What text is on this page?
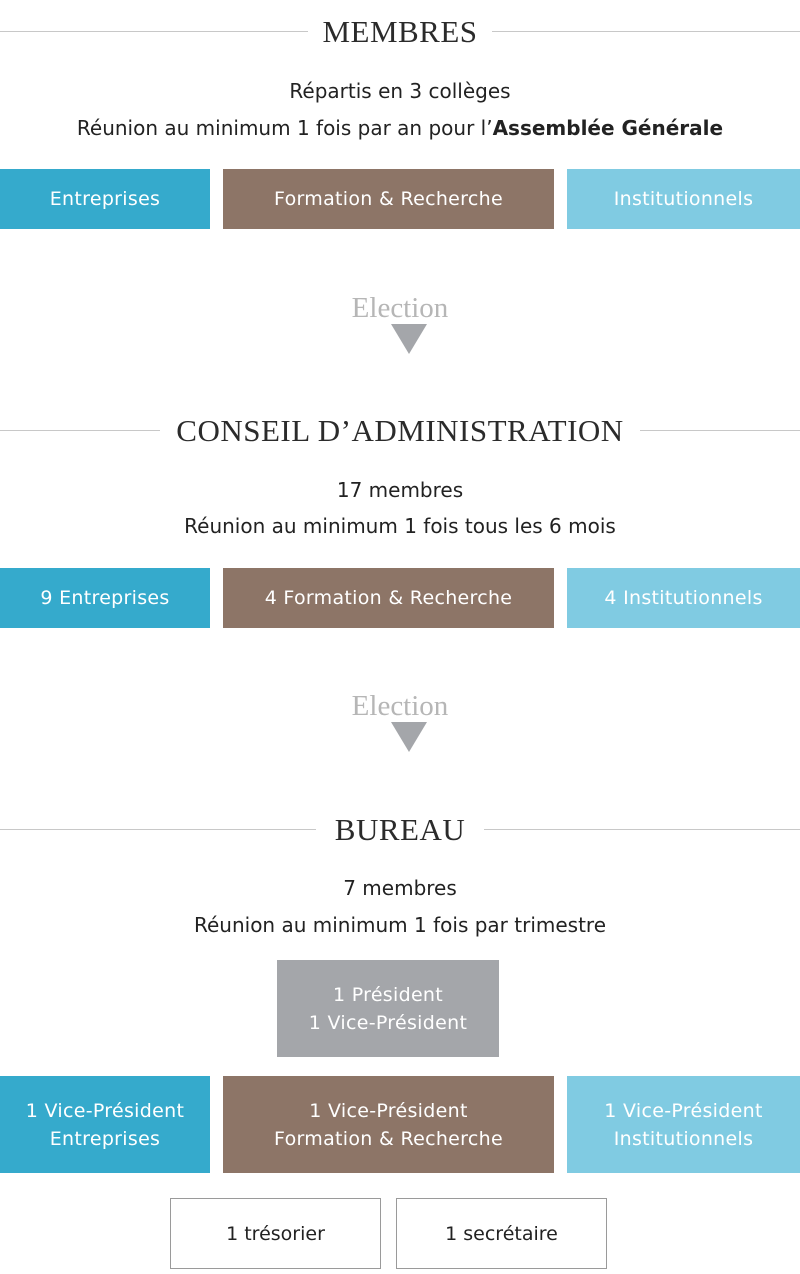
MEMBRES
Répartis en 3 collèges
Réunion au minimum 1 fois par an pour l’Assemblée Générale
Entreprises	Formation & Recherche	Institutionnels
Election
CONSEIL D’ADMINISTRATION
17 membres
Réunion au minimum 1 fois tous les 6 mois
9 Entreprises	4 Formation & Recherche	4 Institutionnels
Election
BUREAU
7 membres
Réunion au minimum 1 fois par trimestre
1 Président
1 Vice-Président
1 Vice-Président
Entreprises
1 Vice-Président
Formation & Recherche
1 Vice-Président
Institutionnels
1 trésorier	1 secrétaire
